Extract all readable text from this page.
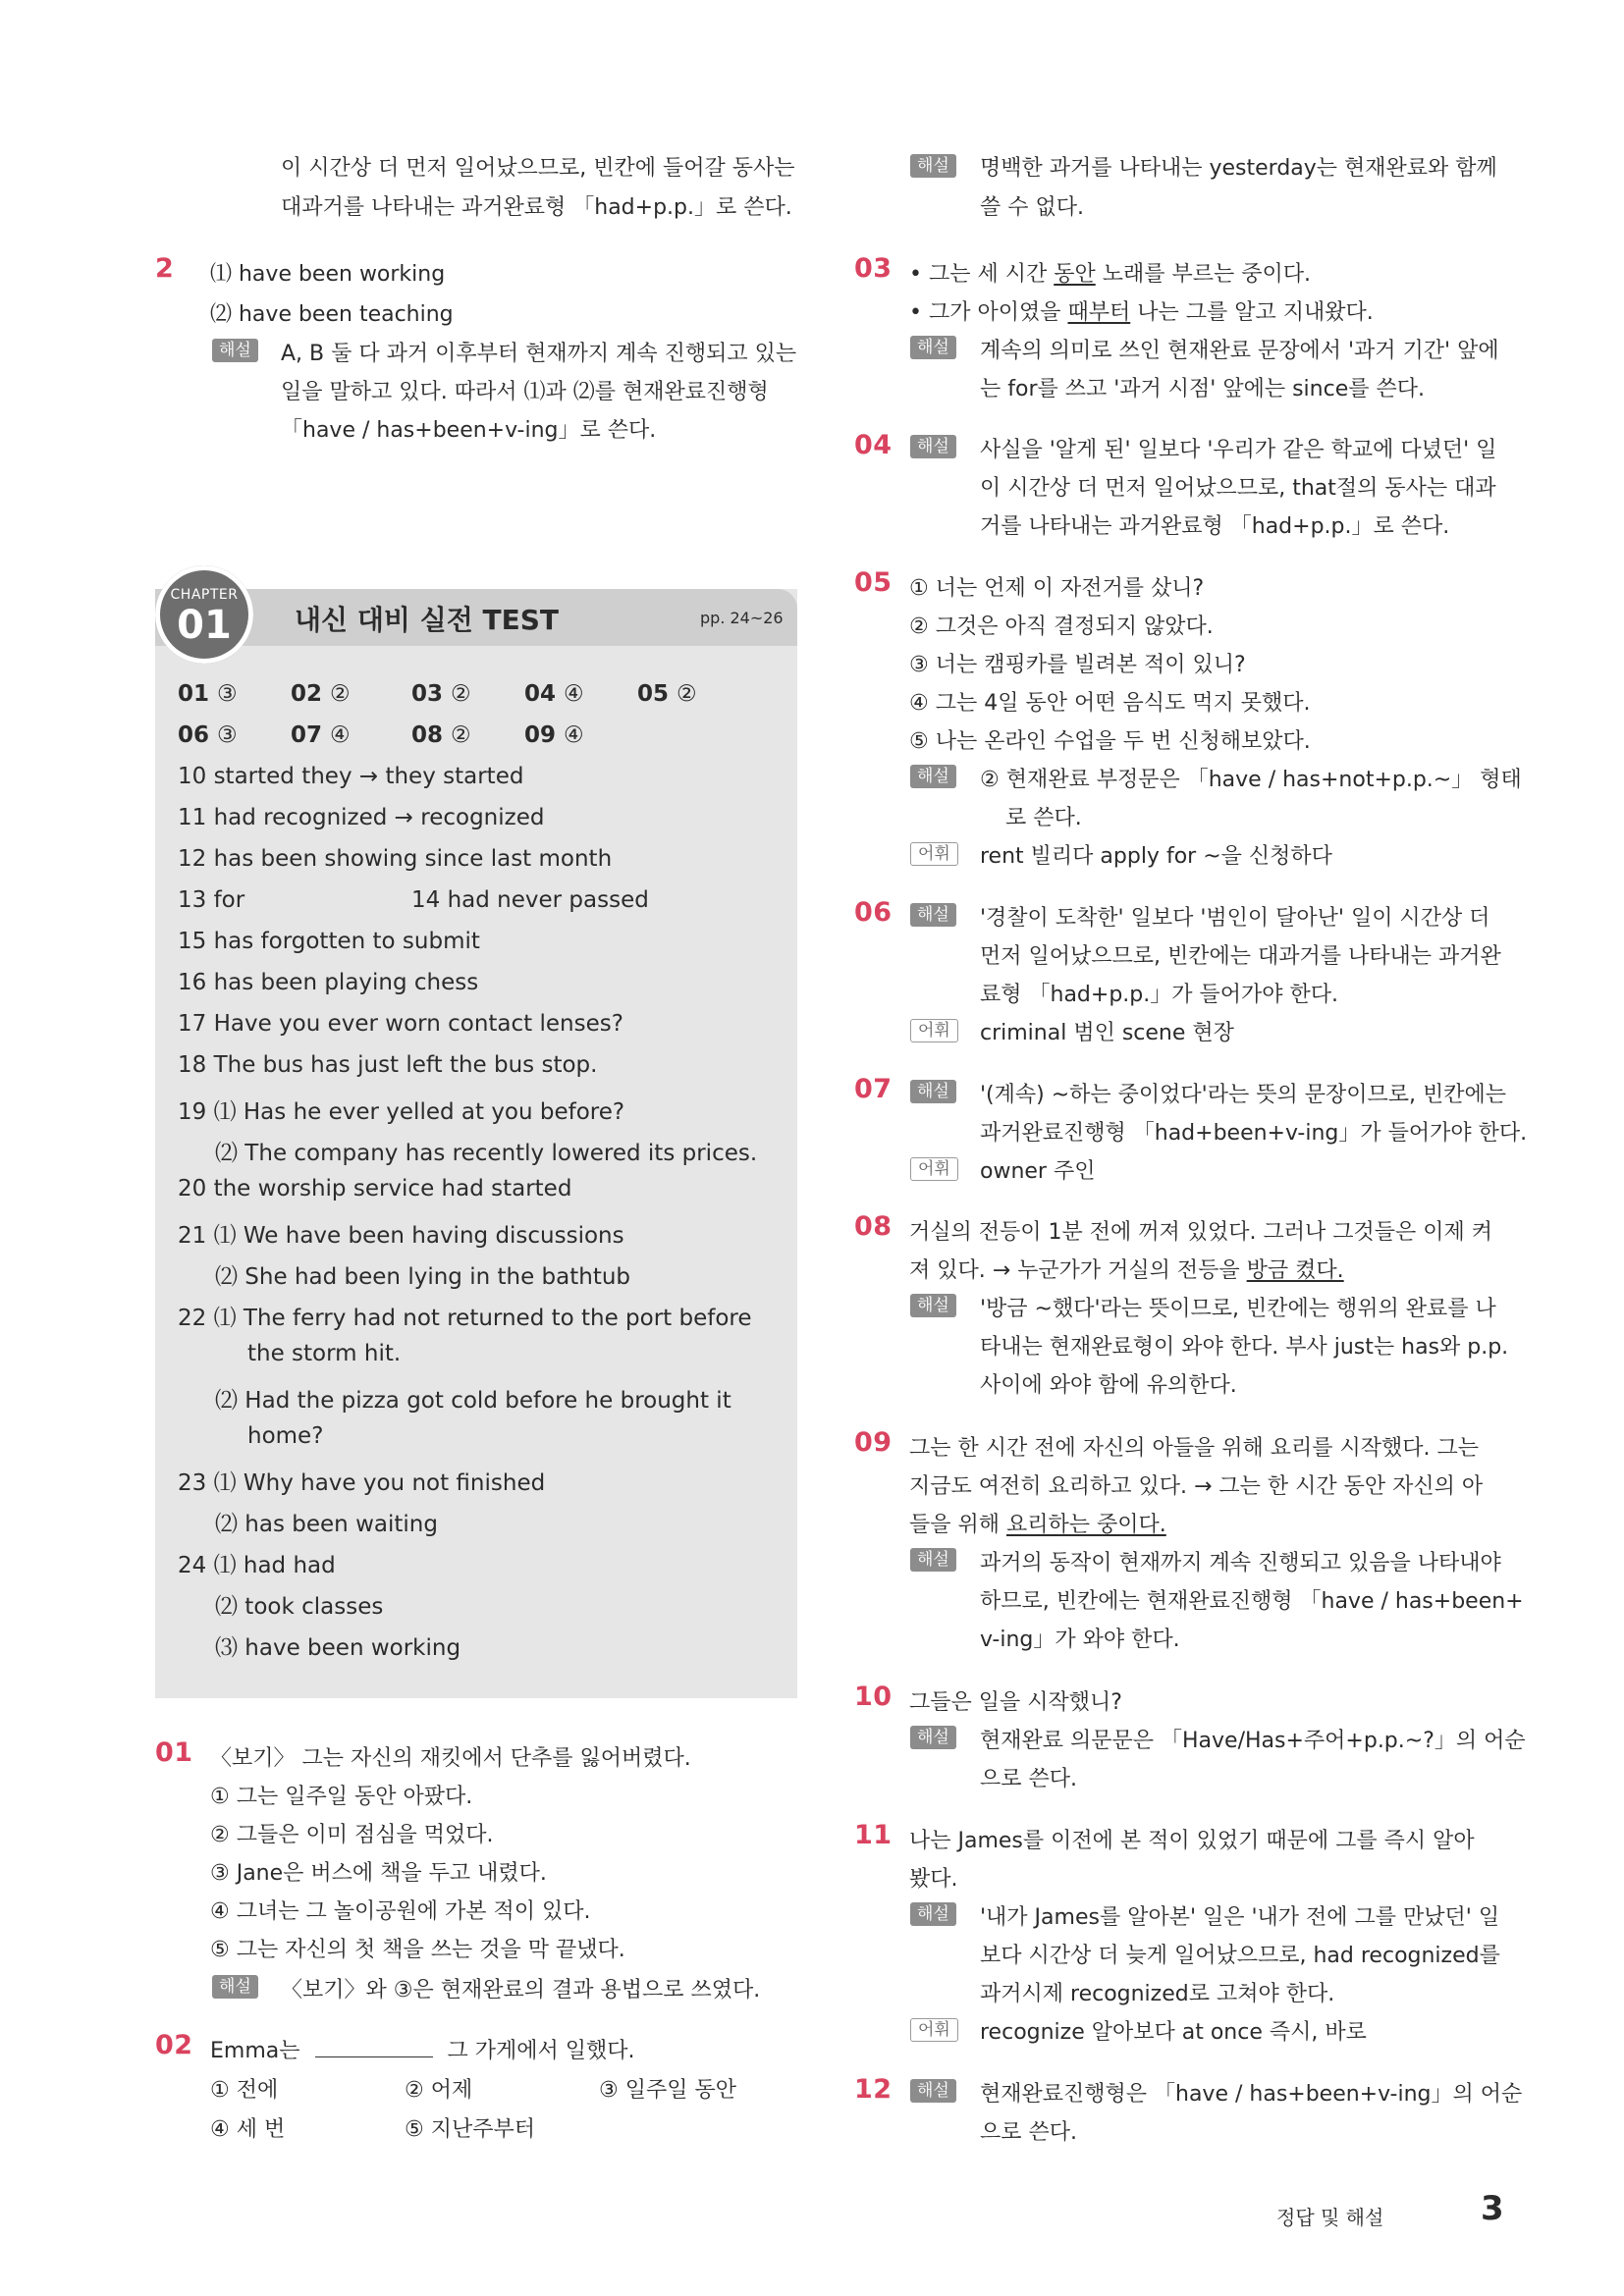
이 시간상 더 먼저 일어났으므로, 빈칸에 들어갈 동사는
대과거를 나타내는 과거완료형 「had+p.p.」로 쓴다.
2 ⑴ have been working
⑵ have been teaching
해설	A, B 둘 다 과거 이후부터 현재까지 계속 진행되고 있는
일을 말하고 있다. 따라서 ⑴과 ⑵를 현재완료진행형
「have / has+been+v-ing」로 쓴다.
CHAPTER
01	내신 대비 실전 TEST	pp. 24~26
01 ③ 02 ②	03 ② 04 ④ 05 ②
06 ③ 07 ④	08 ② 09 ④
10 started they → they started
11 had recognized → recognized
12 has been showing since last month
13 for	14 had never passed
15 has forgotten to submit
16 has been playing chess
17 Have you ever worn contact lenses?
18 The bus has just left the bus stop.
19 ⑴ Has he ever yelled at you before?
⑵ The company has recently lowered its prices.
20 the worship service had started
21 ⑴ We have been having discussions
⑵ She had been lying in the bathtub
22 ⑴ The ferry had not returned to the port before
the storm hit.
⑵ Had the pizza got cold before he brought it
home?
23 ⑴ Why have you not finished
⑵ has been waiting
24 ⑴ had had
⑵ took classes
⑶ have been working
01 〈보기〉 그는 자신의 재킷에서 단추를 잃어버렸다.
① 그는 일주일 동안 아팠다.
② 그들은 이미 점심을 먹었다.
③ Jane은 버스에 책을 두고 내렸다.
④ 그녀는 그 놀이공원에 가본 적이 있다.
⑤ 그는 자신의 첫 책을 쓰는 것을 막 끝냈다.
해설	〈보기〉와 ③은 현재완료의 결과 용법으로 쓰였다.
02 Emma는	그 가게에서 일했다.
① 전에	② 어제	③ 일주일 동안
④ 세 번	⑤ 지난주부터
해설	명백한 과거를 나타내는 yesterday는 현재완료와 함께
쓸 수 없다.
03 • 그는 세 시간 동안 노래를 부르는 중이다.
• 그가 아이였을 때부터 나는 그를 알고 지내왔다.
해설	계속의 의미로 쓰인 현재완료 문장에서 '과거 기간' 앞에
는 for를 쓰고 '과거 시점' 앞에는 since를 쓴다.
04	해설	사실을 '알게 된' 일보다 '우리가 같은 학교에 다녔던' 일
이 시간상 더 먼저 일어났으므로, that절의 동사는 대과
거를 나타내는 과거완료형 「had+p.p.」로 쓴다.
05 ① 너는 언제 이 자전거를 샀니?
② 그것은 아직 결정되지 않았다.
③ 너는 캠핑카를 빌려본 적이 있니?
④ 그는 4일 동안 어떤 음식도 먹지 못했다.
⑤ 나는 온라인 수업을 두 번 신청해보았다.
해설	② 현재완료 부정문은 「have / has+not+p.p.~」 형태
로 쓴다.
어휘	rent 빌리다 apply for ~을 신청하다
06	해설	'경찰이 도착한' 일보다 '범인이 달아난' 일이 시간상 더
먼저 일어났으므로, 빈칸에는 대과거를 나타내는 과거완
료형 「had+p.p.」가 들어가야 한다.
어휘	criminal 범인 scene 현장
07	해설	'(계속) ~하는 중이었다'라는 뜻의 문장이므로, 빈칸에는
과거완료진행형 「had+been+v-ing」가 들어가야 한다.
어휘	owner 주인
08 거실의 전등이 1분 전에 꺼져 있었다. 그러나 그것들은 이제 켜
져 있다. → 누군가가 거실의 전등을 방금 켰다.
해설	'방금 ~했다'라는 뜻이므로, 빈칸에는 행위의 완료를 나
타내는 현재완료형이 와야 한다. 부사 just는 has와 p.p.
사이에 와야 함에 유의한다.
09 그는 한 시간 전에 자신의 아들을 위해 요리를 시작했다. 그는
지금도 여전히 요리하고 있다. → 그는 한 시간 동안 자신의 아
들을 위해 요리하는 중이다.
해설	과거의 동작이 현재까지 계속 진행되고 있음을 나타내야
하므로, 빈칸에는 현재완료진행형 「have / has+been+
v-ing」가 와야 한다.
10 그들은 일을 시작했니?
해설	현재완료 의문문은 「Have/Has+주어+p.p.~?」의 어순
으로 쓴다.
11 나는 James를 이전에 본 적이 있었기 때문에 그를 즉시 알아
봤다.
해설	'내가 James를 알아본' 일은 '내가 전에 그를 만났던' 일
보다 시간상 더 늦게 일어났으므로, had recognized를
과거시제 recognized로 고쳐야 한다.
어휘	recognize 알아보다 at once 즉시, 바로
12	해설	현재완료진행형은 「have / has+been+v-ing」의 어순
으로 쓴다.
정답 및 해설	3
